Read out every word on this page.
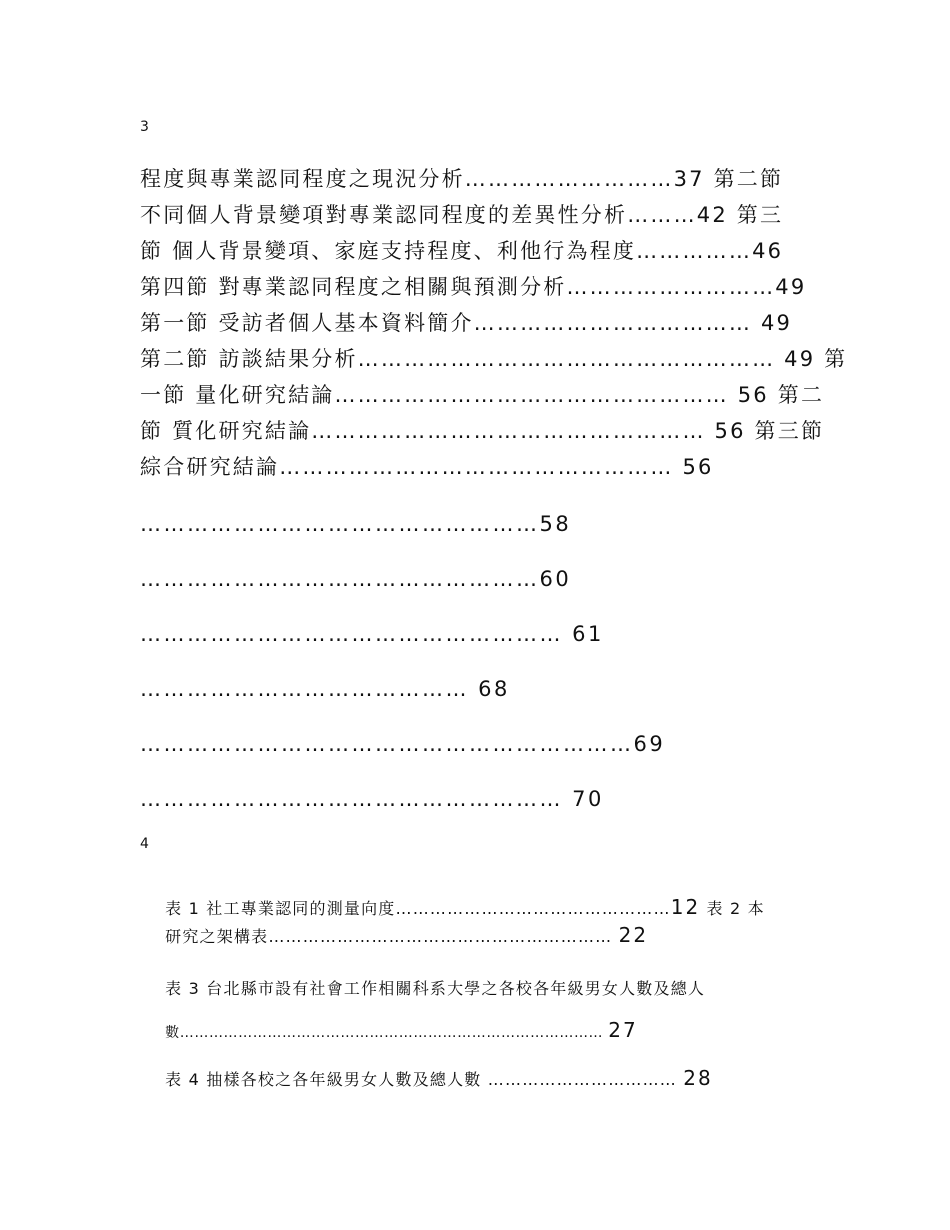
3
程度與專業認同程度之現況分析………………………37 第二節
不同個人背景變項對專業認同程度的差異性分析………42 第三
節 個人背景變項、家庭支持程度、利他行為程度……………46
第四節 對專業認同程度之相關與預測分析………………………49
第一節 受訪者個人基本資料簡介……………………………… 49
第二節 訪談結果分析……………………………………………… 49 第
一節 量化研究結論…………………………………………… 56 第二
節 質化研究結論…………………………………………… 56 第三節
綜合研究結論…………………………………………… 56
……………………………………………58
……………………………………………60
……………………………………………… 61
…………………………………… 68
………………………………………………………69
……………………………………………… 70
4

表 1 社工專業認同的測量向度…………………………………………12 表 2 本

研究之架構表…………………………………………………… 22

表 3 台北縣市設有社會工作相關科系大學之各校各年級男女人數及總人

數…………………………………………………………………………… 27

表 4 抽樣各校之各年級男女人數及總人數 …………………………… 28
